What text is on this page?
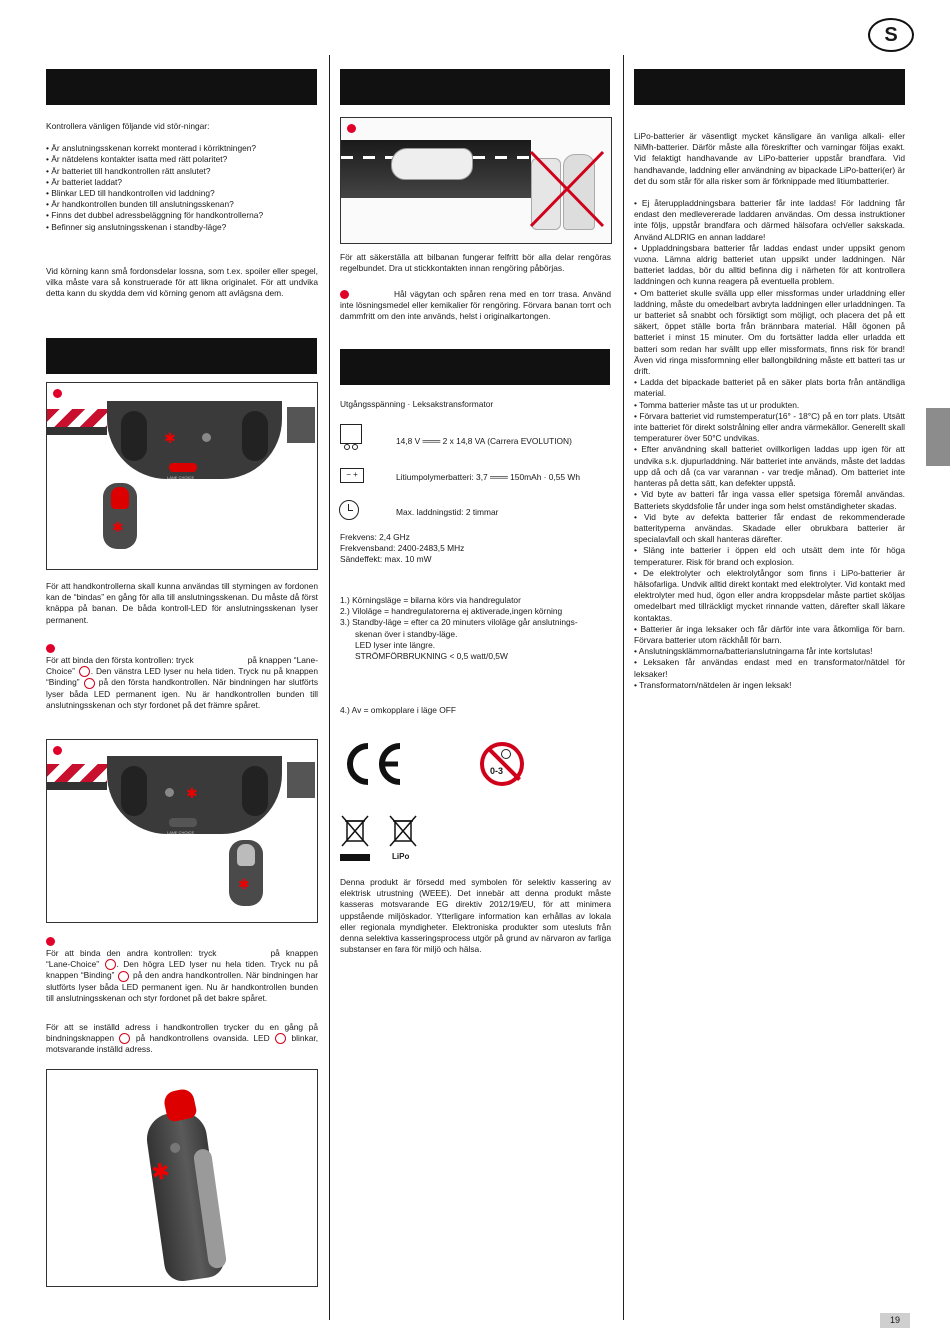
S
19

Kontrollera vänligen följande vid stör-ningar:

• Är anslutningsskenan korrekt monterad i körriktningen?

• Är nätdelens kontakter isatta med rätt polaritet?

• Är batteriet till handkontrollen rätt anslutet?

• Är batteriet laddat?

• Blinkar LED till handkontrollen vid laddning?

• Är handkontrollen bunden till anslutningsskenan?

• Finns det dubbel adressbeläggning för handkontrollerna?

• Befinner sig anslutningsskenan i standby-läge?

Vid körning kann små fordonsdelar lossna, som t.ex. spoiler eller spegel, vilka måste vara så konstruerade för att likna originalet. För att undvika detta kann du skydda dem vid körning genom att avlägsna dem.

✱
LANE CHOICE
✱

För att handkontrollerna skall kunna användas till styrningen av fordonen kan de “bindas” en gång för alla till anslutningsskenan. Du måste då först knäppa på banan. De båda kontroll-LED för anslutningsskenan lyser permanent.

För att binda den första kontrollen: tryck	på knappen “Lane-Choice” . Den vänstra LED lyser nu hela tiden. Tryck nu på knappen “Binding” på den första handkontrollen. När bindningen har slutförts lyser båda LED permanent igen. Nu är handkontrollen bunden till anslutningsskenan och styr fordonet på det främre spåret.
✱
LANE CHOICE
✱
För att binda den andra kontrollen: tryck	på knappen “Lane-Choice” . Den högra LED lyser nu hela tiden. Tryck nu på knappen “Binding” på den andra handkontrollen. När bindningen har slutförts lyser båda LED permanent igen. Nu är handkontrollen bunden till anslutningsskenan och styr fordonet på det bakre spåret.
För att se inställd adress i handkontrollen trycker du en gång på bindningsknappen	på handkontrollens ovansida. LED	blinkar, motsvarande inställd adress.
✱

För att säkerställa att bilbanan fungerar felfritt bör alla delar rengöras regelbundet. Dra ut stickkontakten innan rengöring påbörjas.

Hål vägytan och spåren rena med en torr trasa. Använd inte lösningsmedel eller kemikalier för rengöring. Förvara banan torrt och dammfritt om den inte används, helst i originalkartongen.

Utgångsspänning · Leksakstransformator

14,8 V ═══ 2 x 14,8 VA (Carrera EVOLUTION)

− +	Litiumpolymerbatteri: 3,7 ═══ 150mAh · 0,55 Wh

Max. laddningstid: 2 timmar

Frekvens: 2,4 GHz

Frekvensband: 2400-2483,5 MHz

Sändeffekt: max. 10 mW

1.) Körningsläge = bilarna körs via handregulator

2.) Viloläge = handregulatorerna ej aktiverade,ingen körning

3.) Standby-läge = efter ca 20 minuters viloläge går anslutnings-

skenan över i standby-läge.

LED lyser inte längre.

STRÖMFÖRBRUKNING < 0,5 watt/0,5W

4.) Av = omkopplare i läge OFF

0-3
LiPo

Denna produkt är försedd med symbolen för selektiv kassering av elektrisk utrustning (WEEE). Det innebär att denna produkt måste kasseras motsvarande EG direktiv 2012/19/EU, för att minimera uppstående miljöskador. Ytterligare information kan erhållas av lokala eller regionala myndigheter. Elektroniska produkter som utesluts från denna selektiva kasseringsprocess utgör på grund av närvaron av farliga substanser en fara för miljö och hälsa.

LiPo-batterier är väsentligt mycket känsligare än vanliga alkali- eller NiMh-batterier. Därför måste alla föreskrifter och varningar följas exakt. Vid felaktigt handhavande av LiPo-batterier uppstår brandfara. Vid handhavande, laddning eller användning av bipackade LiPo-batteri(er) är det du som står för alla risker som är förknippade med litiumbatterier.

• Ej återuppladdningsbara batterier får inte laddas! För laddning får endast den medlevererade laddaren användas. Om dessa instruktioner inte följs, uppstår brandfara och därmed hälsofara och/eller sakskada. Använd ALDRIG en annan laddare!

• Uppladdningsbara batterier får laddas endast under uppsikt genom vuxna. Lämna aldrig batteriet utan uppsikt under laddningen. När batteriet laddas, bör du alltid befinna dig i närheten för att kontrollera laddningen och kunna reagera på eventuella problem.

• Om batteriet skulle svälla upp eller missformas under urladdning eller laddning, måste du omedelbart avbryta laddningen eller urladdningen. Ta ur batteriet så snabbt och försiktigt som möjligt, och placera det på ett säkert, öppet ställe borta från brännbara material. Håll ögonen på batteriet i minst 15 minuter. Om du fortsätter ladda eller urladda ett batteri som redan har svällt upp eller missformats, finns risk för brand! Även vid ringa missformning eller ballongbildning måste ett batteri tas ur drift.

• Ladda det bipackade batteriet på en säker plats borta från antändliga material.

• Tomma batterier måste tas ut ur produkten.

• Förvara batteriet vid rumstemperatur(16° - 18°C) på en torr plats. Utsätt inte batteriet för direkt solstrålning eller andra värmekällor. Generellt skall temperaturer över 50°C undvikas.

• Efter användning skall batteriet ovillkorligen laddas upp igen för att undvika s.k. djupurladdning. När batteriet inte används, måste det laddas upp då och då (ca var varannan - var tredje månad). Om batteriet inte hanteras på detta sätt, kan defekter uppstå.

• Vid byte av batteri får inga vassa eller spetsiga föremål användas. Batteriets skyddsfolie får under inga som helst omständigheter skadas.

• Vid byte av defekta batterier får endast de rekommenderade batterityperna användas. Skadade eller obrukbara batterier är specialavfall och skall hanteras därefter.

• Släng inte batterier i öppen eld och utsätt dem inte för höga temperaturer. Risk för brand och explosion.

• De elektrolyter och elektrolytångor som finns i LiPo-batterier är hälsofarliga. Undvik alltid direkt kontakt med elektrolyter. Vid kontakt med elektrolyter med hud, ögon eller andra kroppsdelar måste partiet sköljas omedelbart med tillräckligt mycket rinnande vatten, därefter skall läkare kontaktas.

• Batterier är inga leksaker och får därför inte vara åtkomliga för barn. Förvara batterier utom räckhåll för barn.

• Anslutningsklämmorna/batterianslutningarna får inte kortslutas!

• Leksaken får användas endast med en transformator/nätdel för leksaker!

• Transformatorn/nätdelen är ingen leksak!
